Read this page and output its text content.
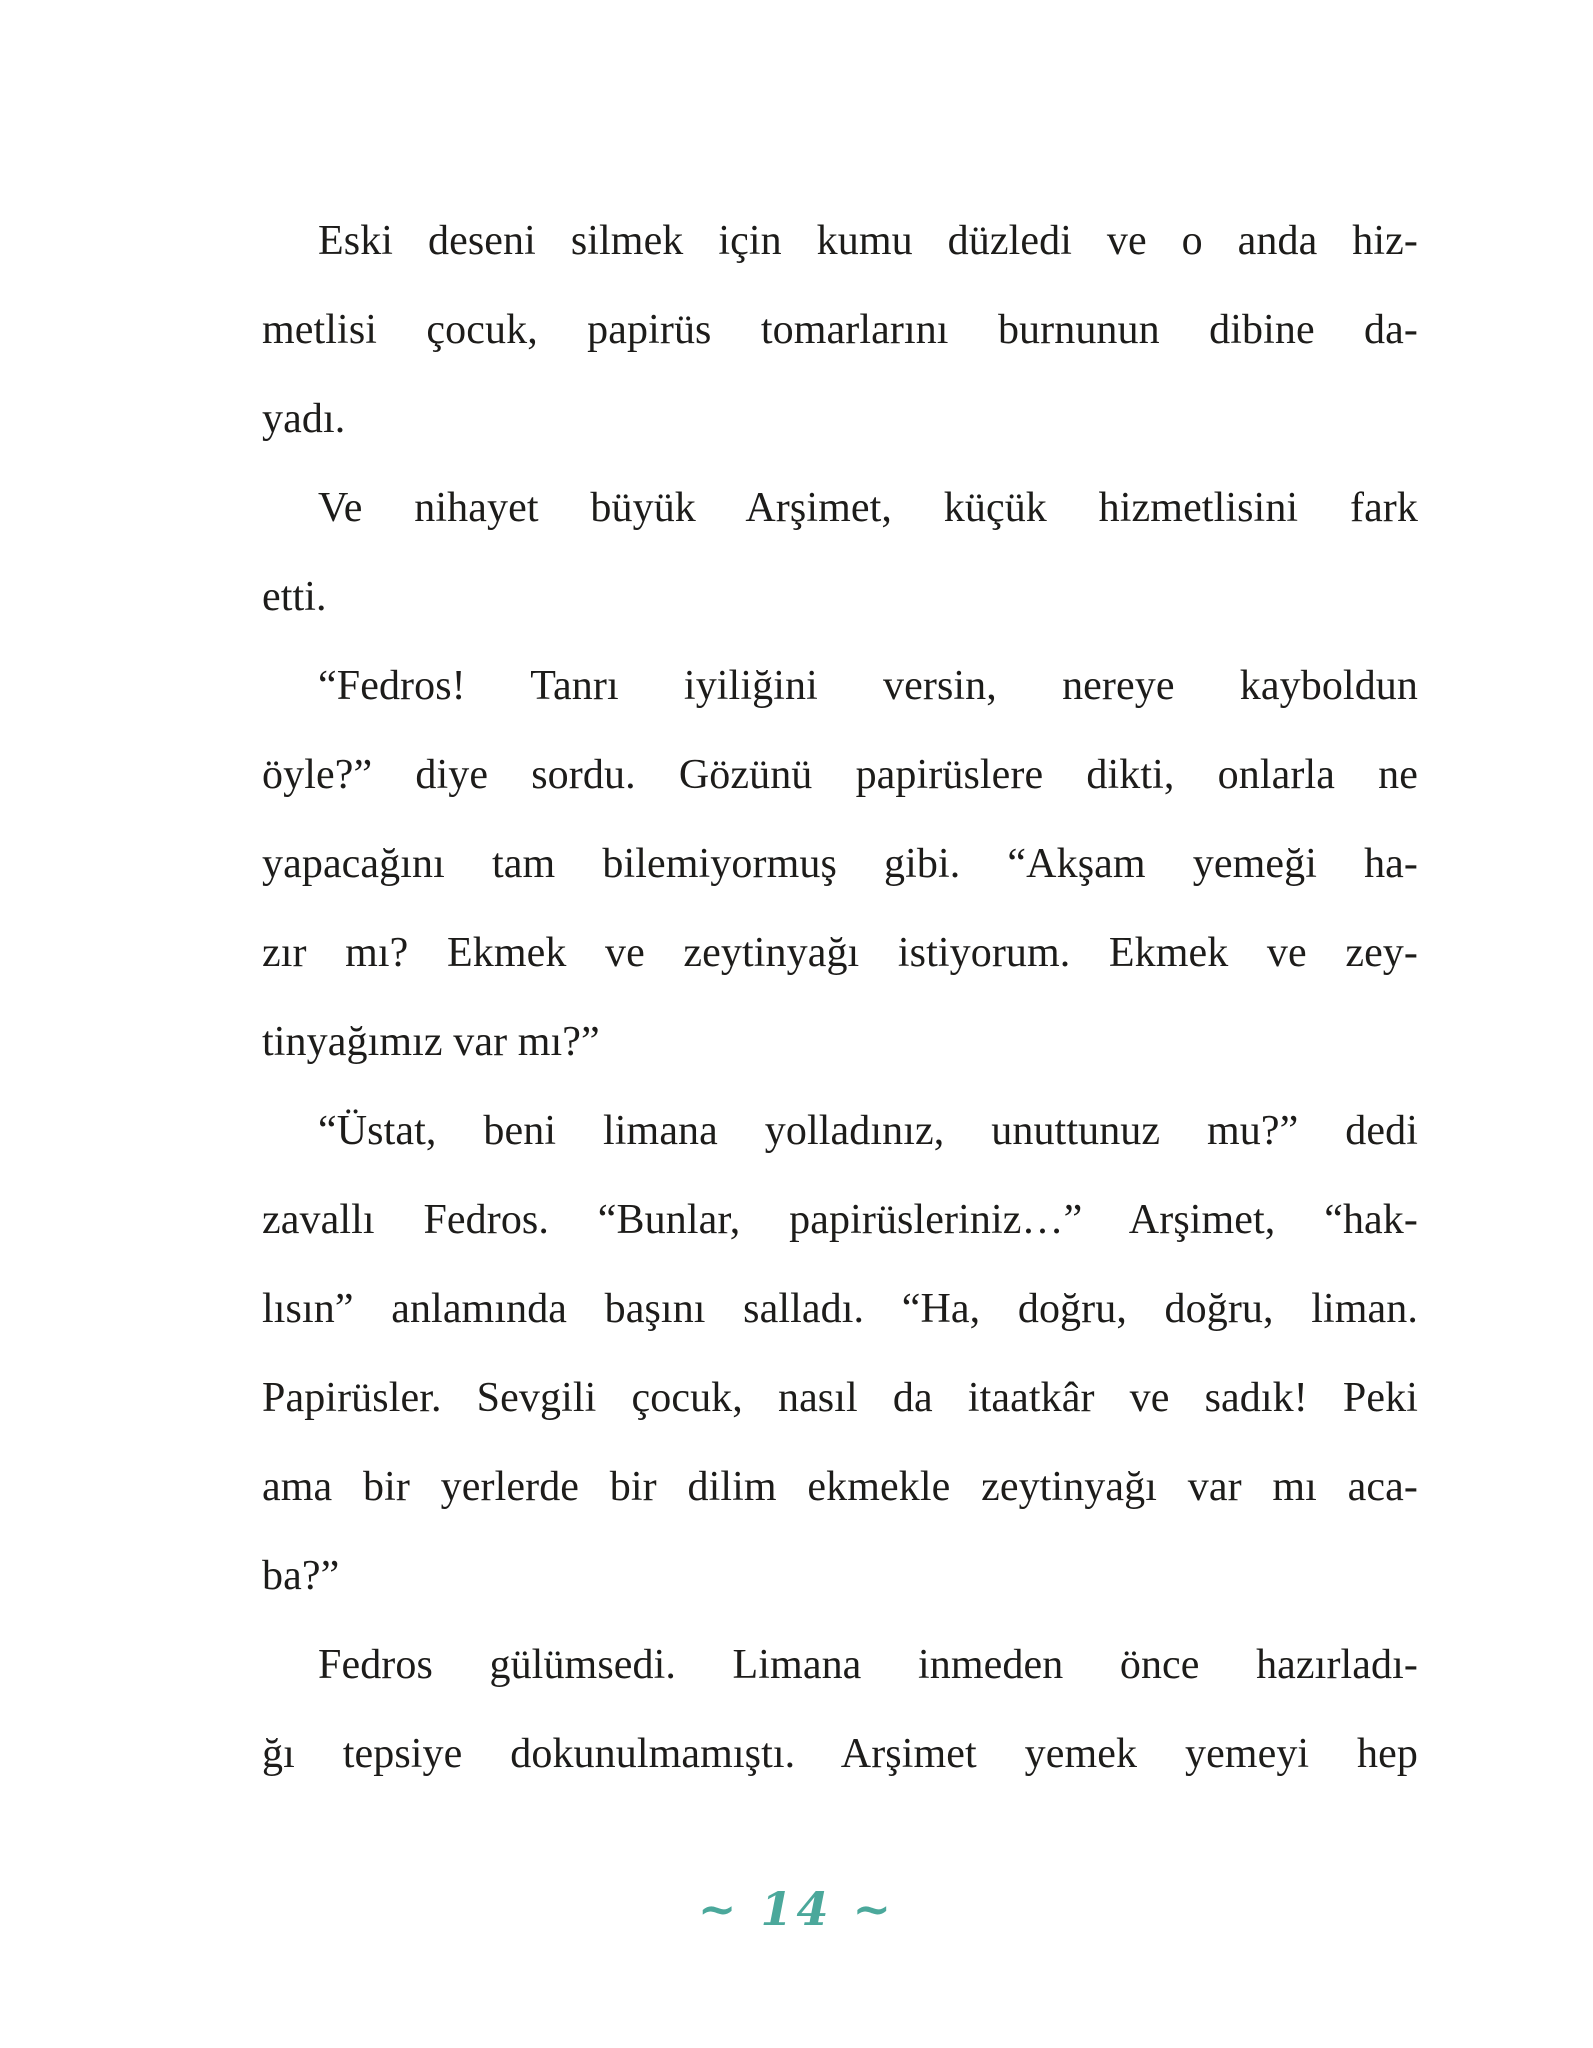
Eski deseni silmek için kumu düzledi ve o anda hiz-
metlisi çocuk, papirüs tomarlarını burnunun dibine da-
yadı.
Ve nihayet büyük Arşimet, küçük hizmetlisini fark
etti.
“Fedros! Tanrı iyiliğini versin, nereye kayboldun
öyle?” diye sordu. Gözünü papirüslere dikti, onlarla ne
yapacağını tam bilemiyormuş gibi. “Akşam yemeği ha-
zır mı? Ekmek ve zeytinyağı istiyorum. Ekmek ve zey-
tinyağımız var mı?”
“Üstat, beni limana yolladınız, unuttunuz mu?” dedi
zavallı Fedros. “Bunlar, papirüsleriniz…” Arşimet, “hak-
lısın” anlamında başını salladı. “Ha, doğru, doğru, liman.
Papirüsler. Sevgili çocuk, nasıl da itaatkâr ve sadık! Peki
ama bir yerlerde bir dilim ekmekle zeytinyağı var mı aca-
ba?”
Fedros gülümsedi. Limana inmeden önce hazırladı-
ğı tepsiye dokunulmamıştı. Arşimet yemek yemeyi hep
~ 14 ~
